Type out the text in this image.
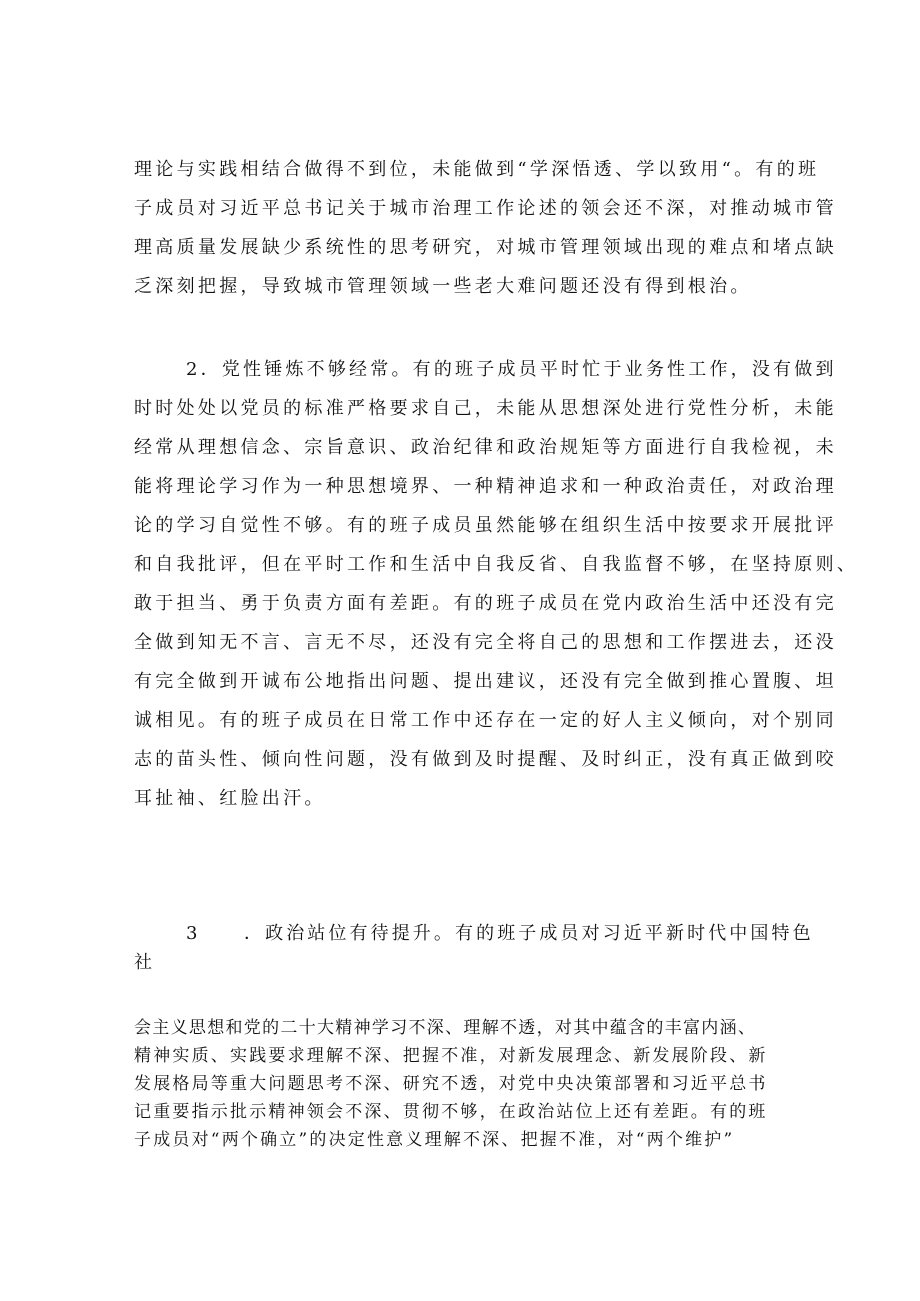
理论与实践相结合做得不到位，未能做到“学深悟透、学以致用“。有的班
子成员对习近平总书记关于城市治理工作论述的领会还不深，对推动城市管
理高质量发展缺少系统性的思考研究，对城市管理领域出现的难点和堵点缺
乏深刻把握，导致城市管理领域一些老大难问题还没有得到根治。
2．党性锤炼不够经常。有的班子成员平时忙于业务性工作，没有做到
时时处处以党员的标准严格要求自己，未能从思想深处进行党性分析，未能
经常从理想信念、宗旨意识、政治纪律和政治规矩等方面进行自我检视，未
能将理论学习作为一种思想境界、一种精神追求和一种政治责任，对政治理
论的学习自觉性不够。有的班子成员虽然能够在组织生活中按要求开展批评
和自我批评，但在平时工作和生活中自我反省、自我监督不够，在坚持原则、
敢于担当、勇于负责方面有差距。有的班子成员在党内政治生活中还没有完
全做到知无不言、言无不尽，还没有完全将自己的思想和工作摆进去，还没
有完全做到开诚布公地指出问题、提出建议，还没有完全做到推心置腹、坦
诚相见。有的班子成员在日常工作中还存在一定的好人主义倾向，对个别同
志的苗头性、倾向性问题，没有做到及时提醒、及时纠正，没有真正做到咬
耳扯袖、红脸出汗。
3	．政治站位有待提升。有的班子成员对习近平新时代中国特色
社
会主义思想和党的二十大精神学习不深、理解不透，对其中蕴含的丰富内涵、
精神实质、实践要求理解不深、把握不准，对新发展理念、新发展阶段、新
发展格局等重大问题思考不深、研究不透，对党中央决策部署和习近平总书
记重要指示批示精神领会不深、贯彻不够，在政治站位上还有差距。有的班
子成员对“两个确立”的决定性意义理解不深、把握不准，对“两个维护”
